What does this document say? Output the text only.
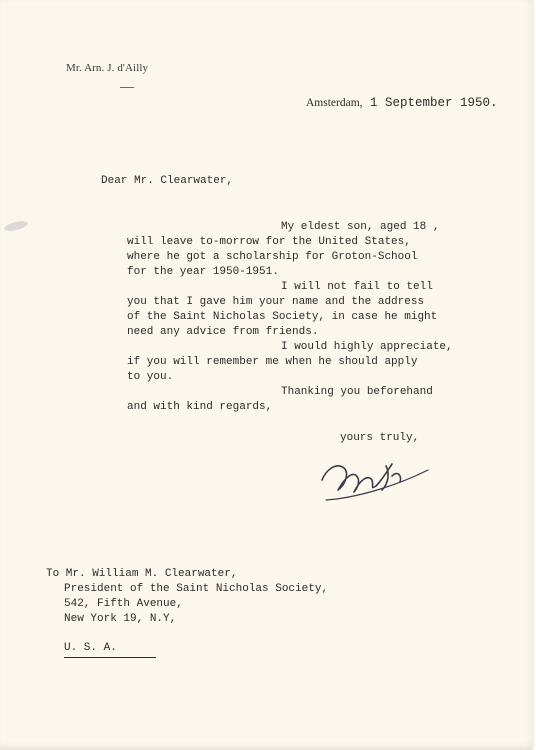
Mr. Arn. J. d'Ailly
Amsterdam, 1 September 1950.
Dear Mr. Clearwater,
My eldest son, aged 18 ,
will leave to-morrow for the United States,
where he got a scholarship for Groton-School
for the year 1950-1951.
I will not fail to tell
you that I gave him your name and the address
of the Saint Nicholas Society, in case he might
need any advice from friends.
I would highly appreciate,
if you will remember me when he should apply
to you.
Thanking you beforehand
and with kind regards,
yours truly,
To Mr. William M. Clearwater,
President of the Saint Nicholas Society,
542, Fifth Avenue,
New York 19, N.Y,
U. S. A.
